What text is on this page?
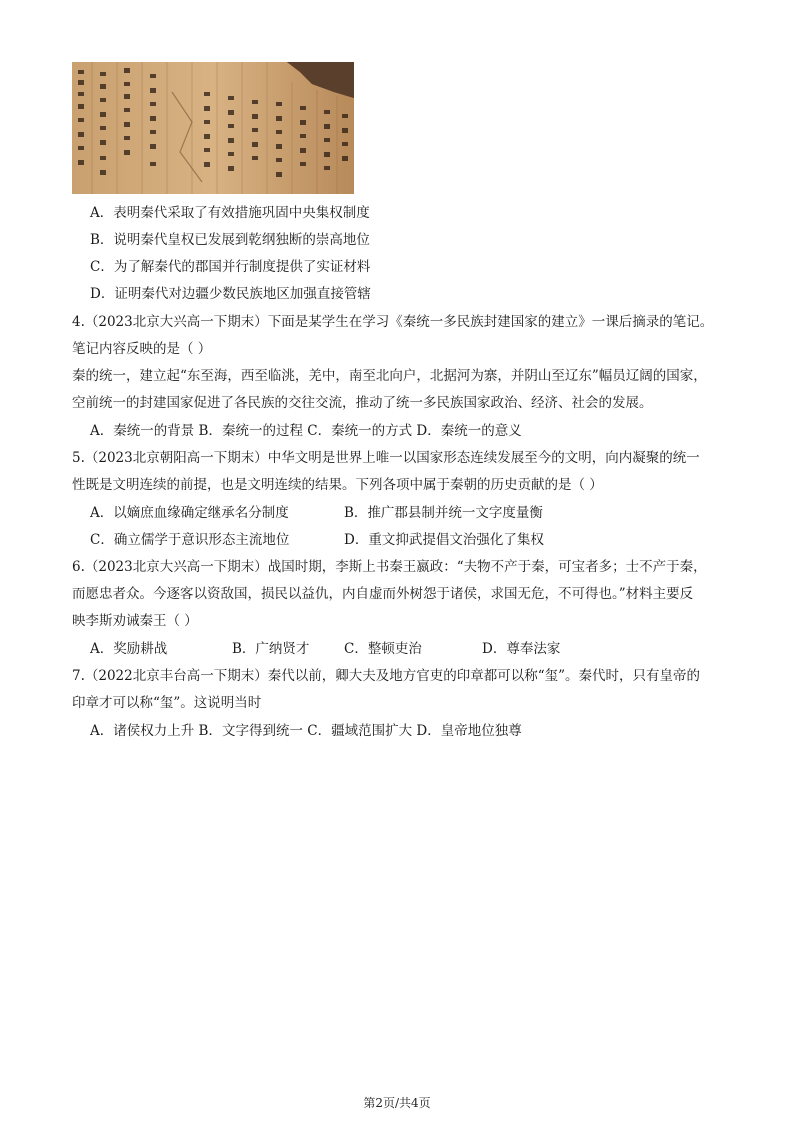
A．表明秦代采取了有效措施巩固中央集权制度
B．说明秦代皇权已发展到乾纲独断的崇高地位
C．为了解秦代的郡国并行制度提供了实证材料
D．证明秦代对边疆少数民族地区加强直接管辖
4.（2023北京大兴高一下期末）下面是某学生在学习《秦统一多民族封建国家的建立》一课后摘录的笔记。
笔记内容反映的是（ ）
秦的统一，建立起“东至海，西至临洮，羌中，南至北向户，北据河为寨，并阴山至辽东”幅员辽阔的国家，
空前统一的封建国家促进了各民族的交往交流，推动了统一多民族国家政治、经济、社会的发展。
A．秦统一的背景 B．秦统一的过程 C．秦统一的方式 D．秦统一的意义
5.（2023北京朝阳高一下期末）中华文明是世界上唯一以国家形态连续发展至今的文明，向内凝聚的统一
性既是文明连续的前提，也是文明连续的结果。下列各项中属于秦朝的历史贡献的是（ ）
A．以嫡庶血缘确定继承名分制度	B．推广郡县制并统一文字度量衡
C．确立儒学于意识形态主流地位	D．重文抑武提倡文治强化了集权
6.（2023北京大兴高一下期末）战国时期，李斯上书秦王嬴政：“夫物不产于秦，可宝者多；士不产于秦，
而愿忠者众。今逐客以资敌国，损民以益仇，内自虚而外树怨于诸侯，求国无危，不可得也。”材料主要反
映李斯劝诫秦王（ ）
A．奖励耕战	B．广纳贤才	C．整顿吏治	D．尊奉法家
7.（2022北京丰台高一下期末）秦代以前，卿大夫及地方官吏的印章都可以称“玺”。秦代时，只有皇帝的
印章才可以称“玺”。这说明当时
A．诸侯权力上升 B．文字得到统一 C．疆域范围扩大 D．皇帝地位独尊
第2页/共4页
